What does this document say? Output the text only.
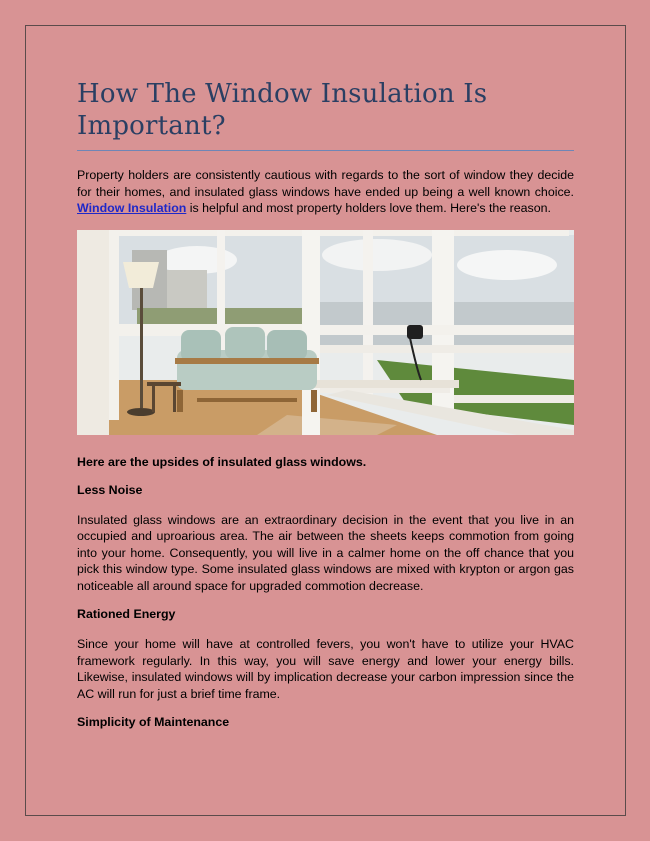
How The Window Insulation Is Important?

Property holders are consistently cautious with regards to the sort of window they decide for their homes, and insulated glass windows have ended up being a well known choice. Window Insulation is helpful and most property holders love them. Here's the reason.

Here are the upsides of insulated glass windows.

Less Noise

Insulated glass windows are an extraordinary decision in the event that you live in an occupied and uproarious area. The air between the sheets keeps commotion from going into your home. Consequently, you will live in a calmer home on the off chance that you pick this window type. Some insulated glass windows are mixed with krypton or argon gas noticeable all around space for upgraded commotion decrease.

Rationed Energy

Since your home will have at controlled fevers, you won't have to utilize your HVAC framework regularly. In this way, you will save energy and lower your energy bills. Likewise, insulated windows will by implication decrease your carbon impression since the AC will run for just a brief time frame.

Simplicity of Maintenance
